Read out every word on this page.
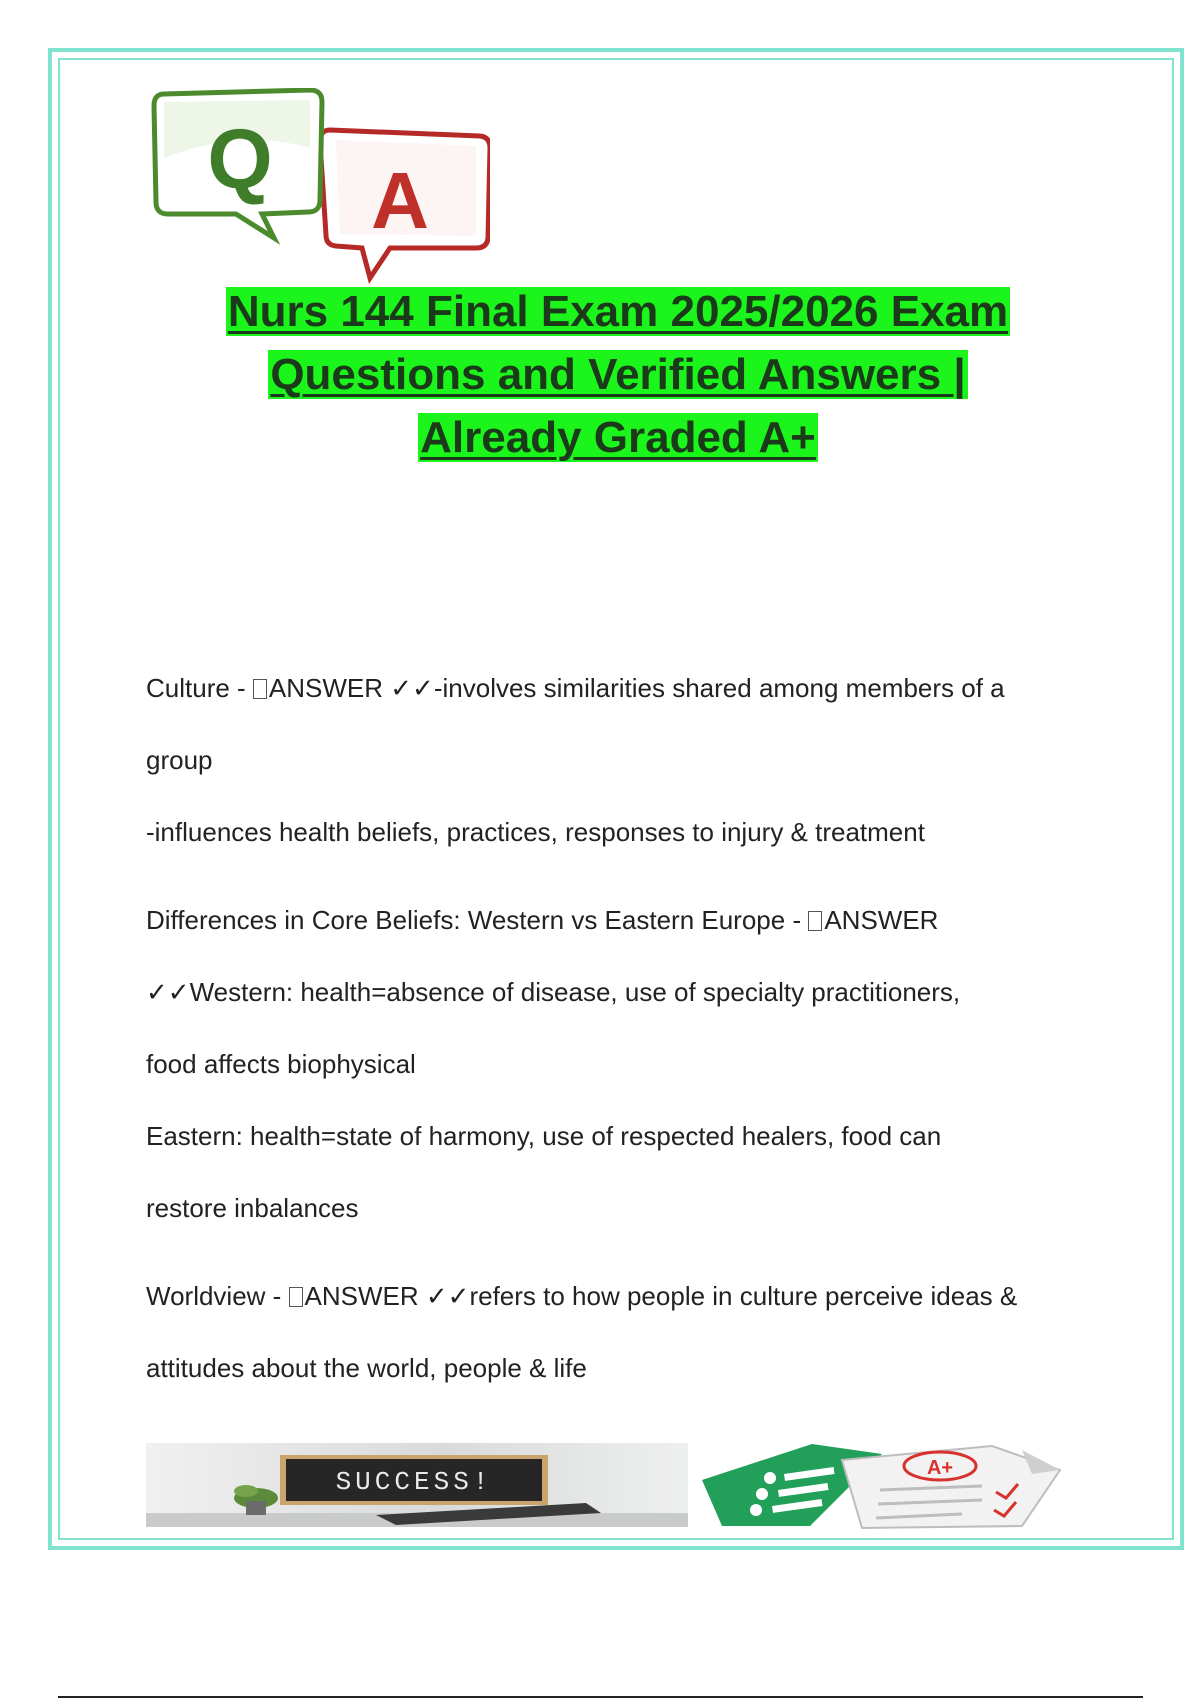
A
Q
Nurs 144 Final Exam 2025/2026 Exam
Questions and Verified Answers |
Already Graded A+

Culture - ANSWER ✓✓-involves similarities shared among members of a

group

-influences health beliefs, practices, responses to injury & treatment

Differences in Core Beliefs: Western vs Eastern Europe - ANSWER

✓✓Western: health=absence of disease, use of specialty practitioners,

food affects biophysical

Eastern: health=state of harmony, use of respected healers, food can

restore inbalances

Worldview - ANSWER ✓✓refers to how people in culture perceive ideas &

attitudes about the world, people & life

SUCCESS!	A+
